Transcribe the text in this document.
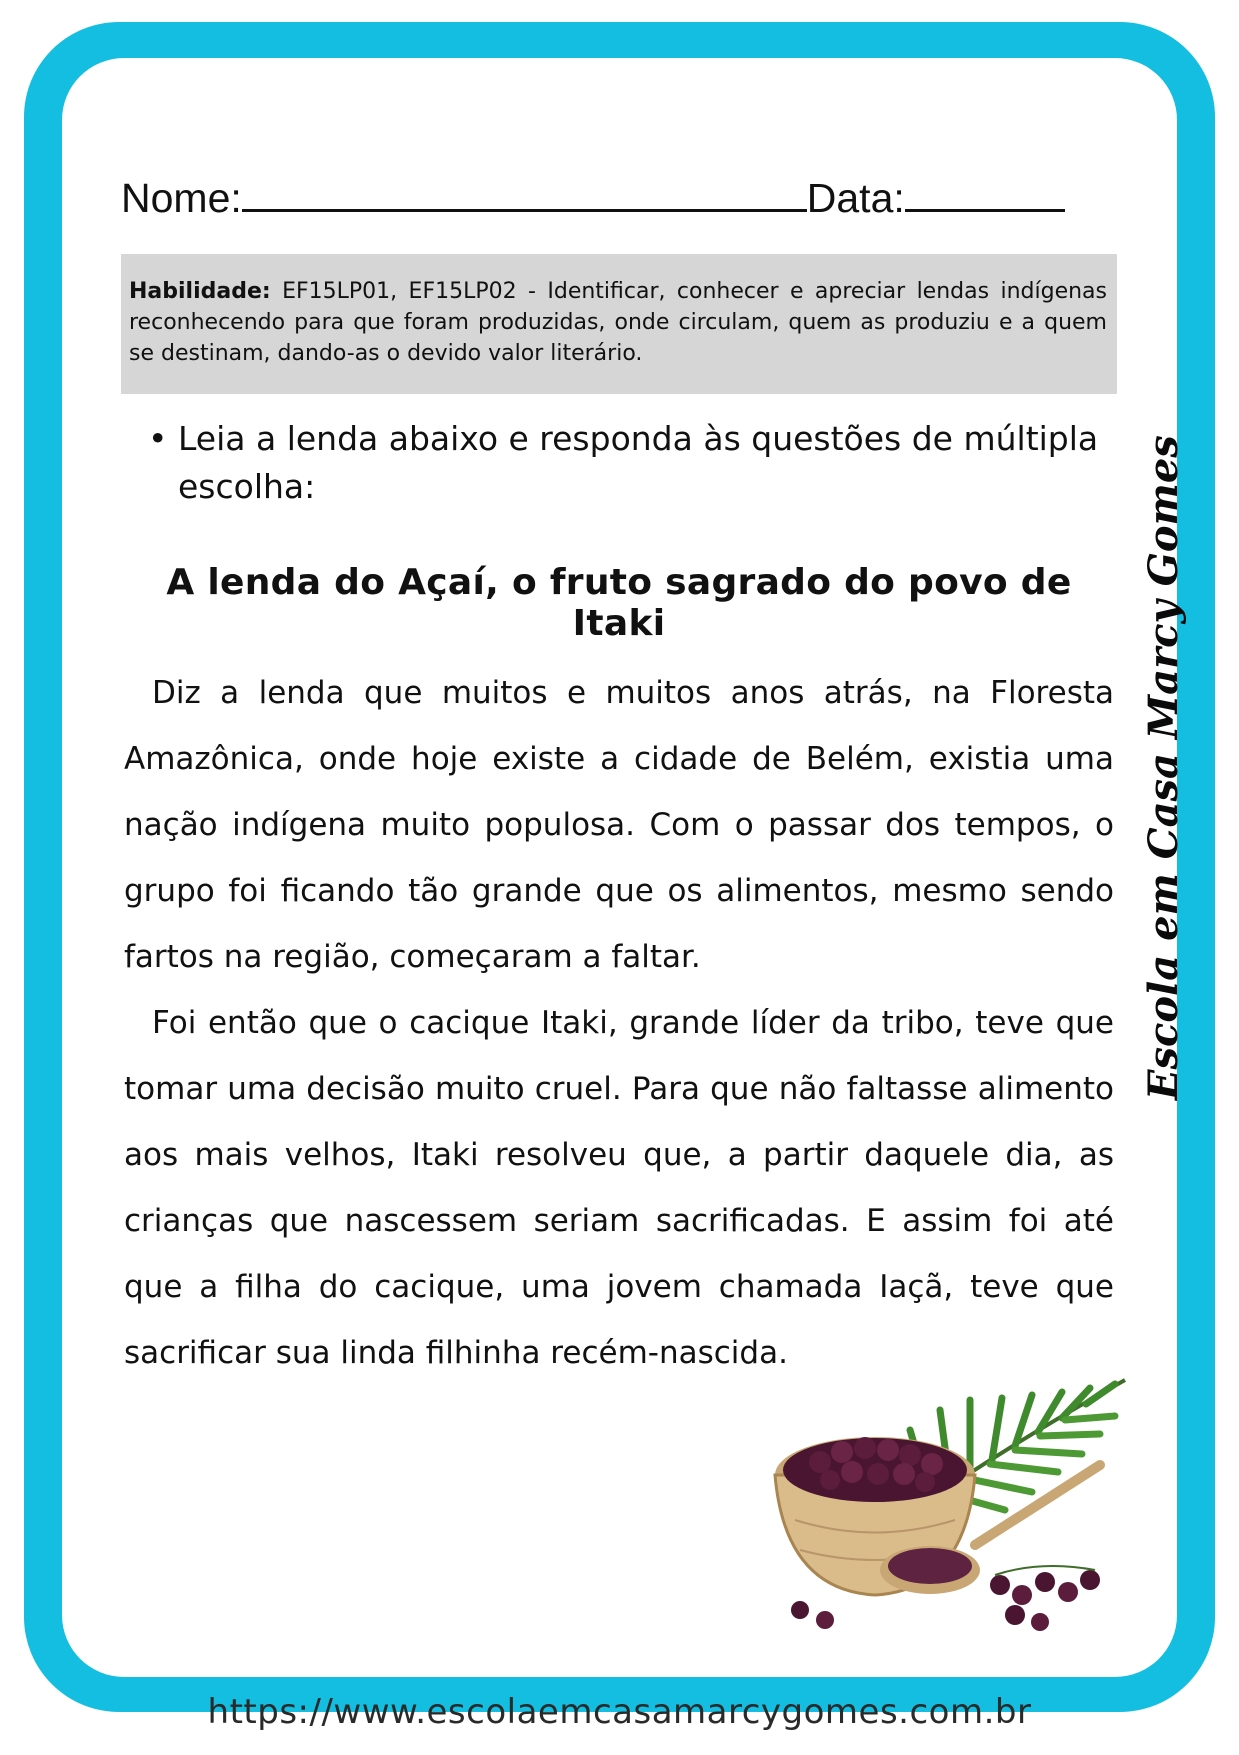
Nome:	Data:
Habilidade: EF15LP01, EF15LP02 - Identificar, conhecer e apreciar lendas indígenas reconhecendo para que foram produzidas, onde circulam, quem as produziu e a quem se destinam, dando-as o devido valor literário.
• Leia a lenda abaixo e responda às questões de múltipla escolha:
A lenda do Açaí, o fruto sagrado do povo de Itaki

Diz a lenda que muitos e muitos anos atrás, na Floresta Amazônica, onde hoje existe a cidade de Belém, existia uma nação indígena muito populosa. Com o passar dos tempos, o grupo foi ficando tão grande que os alimentos, mesmo sendo fartos na região, começaram a faltar.

Foi então que o cacique Itaki, grande líder da tribo, teve que tomar uma decisão muito cruel. Para que não faltasse alimento aos mais velhos, Itaki resolveu que, a partir daquele dia, as crianças que nascessem seriam sacrificadas. E assim foi até que a filha do cacique, uma jovem chamada Iaçã, teve que sacrificar sua linda filhinha recém-nascida.

Escola em Casa Marcy Gomes
https://www.escolaemcasamarcygomes.com.br
